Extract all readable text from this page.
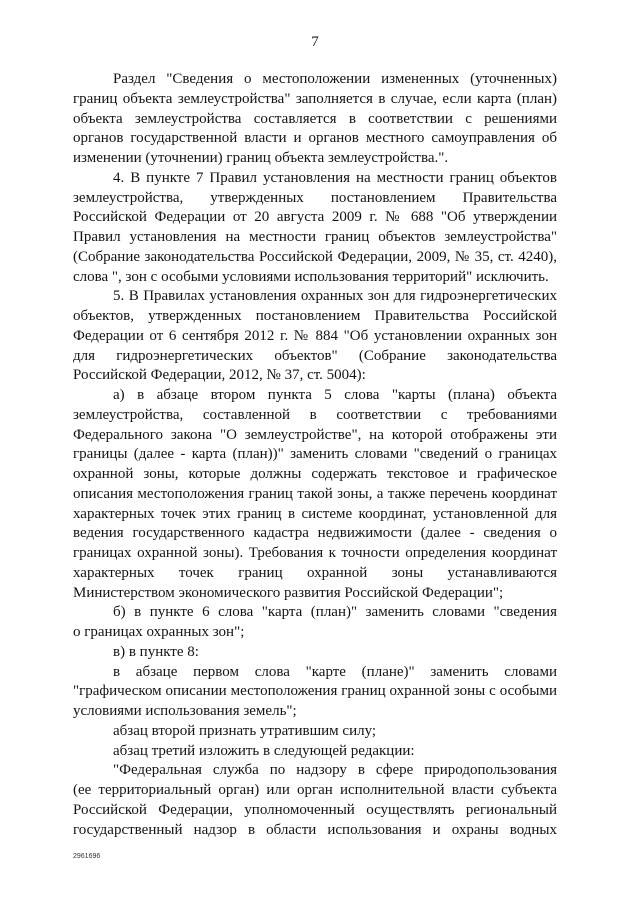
7
Раздел "Сведения о местоположении измененных (уточненных)
границ объекта землеустройства" заполняется в случае, если карта (план)
объекта землеустройства составляется в соответствии с решениями
органов государственной власти и органов местного самоуправления об
изменении (уточнении) границ объекта землеустройства.".
4. В пункте 7 Правил установления на местности границ объектов
землеустройства, утвержденных постановлением Правительства
Российской Федерации от 20 августа 2009 г. № 688 "Об утверждении
Правил установления на местности границ объектов землеустройства"
(Собрание законодательства Российской Федерации, 2009, № 35, ст. 4240),
слова ", зон с особыми условиями использования территорий" исключить.
5. В Правилах установления охранных зон для гидроэнергетических
объектов, утвержденных постановлением Правительства Российской
Федерации от 6 сентября 2012 г. № 884 "Об установлении охранных зон
для гидроэнергетических объектов" (Собрание законодательства
Российской Федерации, 2012, № 37, ст. 5004):
а) в абзаце втором пункта 5 слова "карты (плана) объекта
землеустройства, составленной в соответствии с требованиями
Федерального закона "О землеустройстве", на которой отображены эти
границы (далее - карта (план))" заменить словами "сведений о границах
охранной зоны, которые должны содержать текстовое и графическое
описания местоположения границ такой зоны, а также перечень координат
характерных точек этих границ в системе координат, установленной для
ведения государственного кадастра недвижимости (далее - сведения о
границах охранной зоны). Требования к точности определения координат
характерных точек границ охранной зоны устанавливаются
Министерством экономического развития Российской Федерации";
б) в пункте 6 слова "карта (план)" заменить словами "сведения
о границах охранных зон";
в) в пункте 8:
в абзаце первом слова "карте (плане)" заменить словами
"графическом описании местоположения границ охранной зоны с особыми
условиями использования земель";
абзац второй признать утратившим силу;
абзац третий изложить в следующей редакции:
"Федеральная служба по надзору в сфере природопользования
(ее территориальный орган) или орган исполнительной власти субъекта
Российской Федерации, уполномоченный осуществлять региональный
государственный надзор в области использования и охраны водных
2961696
